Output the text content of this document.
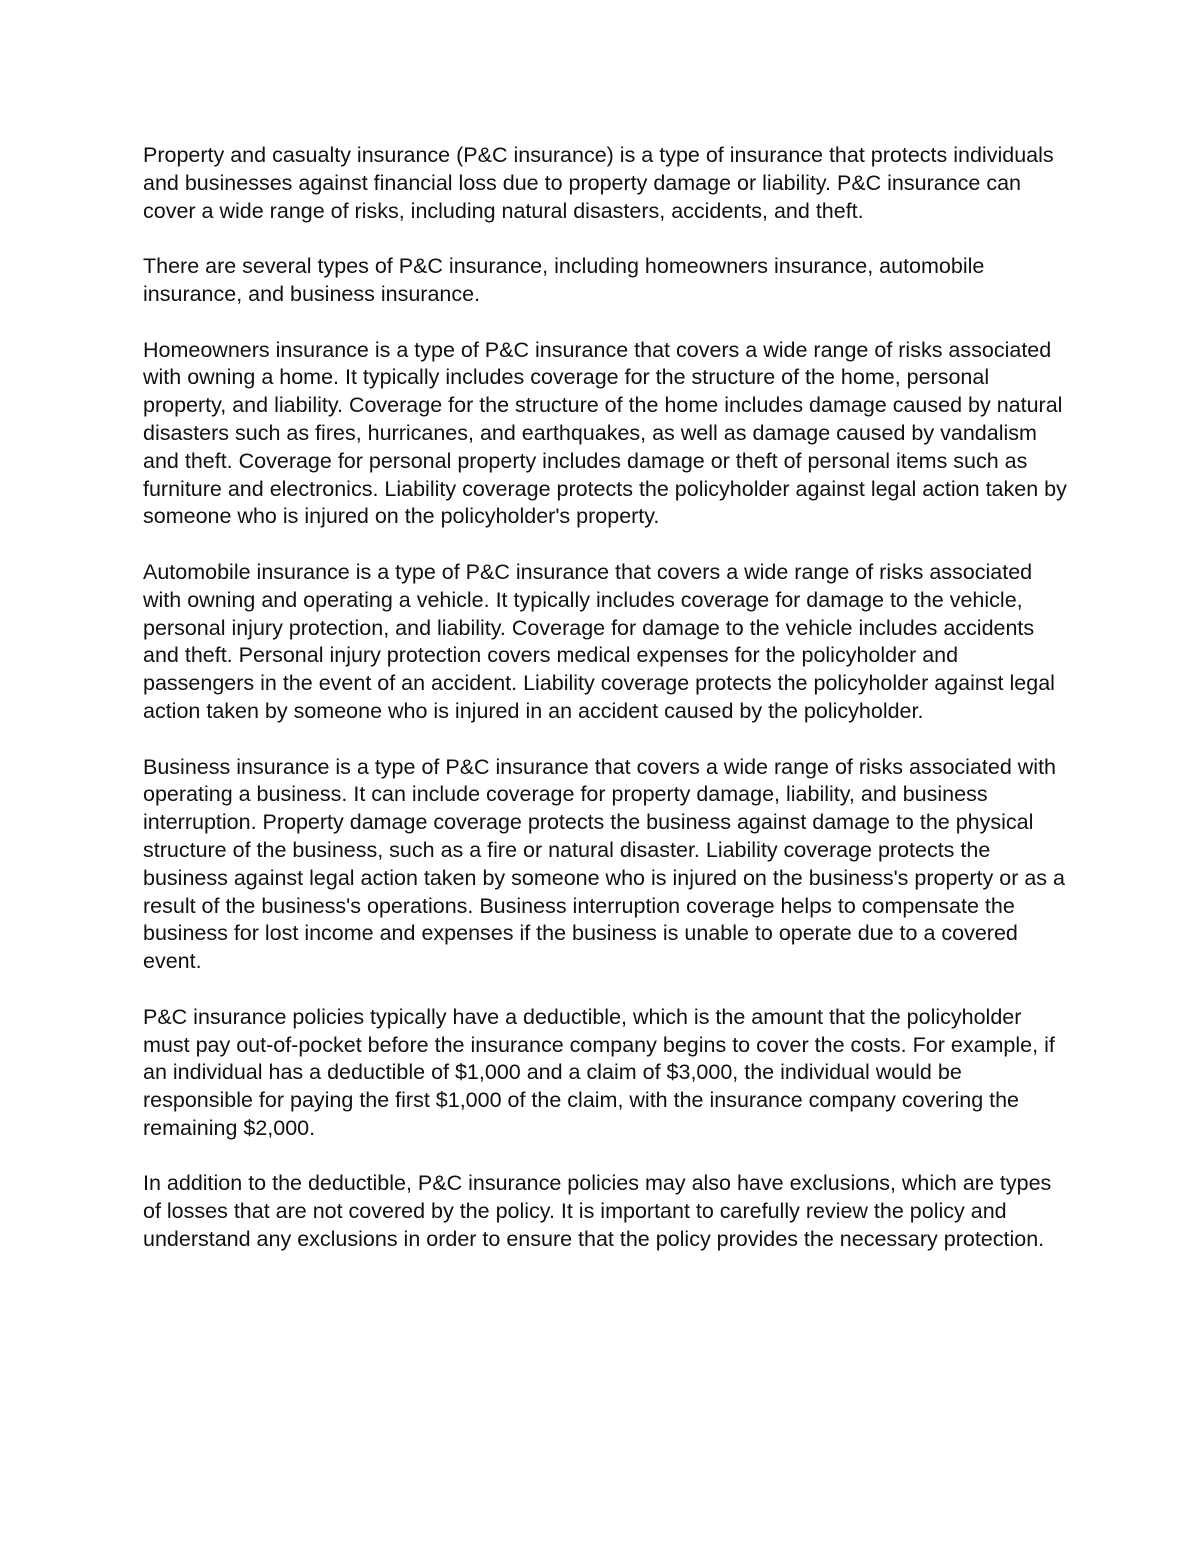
Property and casualty insurance (P&C insurance) is a type of insurance that protects individuals and businesses against financial loss due to property damage or liability. P&C insurance can cover a wide range of risks, including natural disasters, accidents, and theft.

There are several types of P&C insurance, including homeowners insurance, automobile insurance, and business insurance.

Homeowners insurance is a type of P&C insurance that covers a wide range of risks associated with owning a home. It typically includes coverage for the structure of the home, personal property, and liability. Coverage for the structure of the home includes damage caused by natural disasters such as fires, hurricanes, and earthquakes, as well as damage caused by vandalism and theft. Coverage for personal property includes damage or theft of personal items such as furniture and electronics. Liability coverage protects the policyholder against legal action taken by someone who is injured on the policyholder's property.

Automobile insurance is a type of P&C insurance that covers a wide range of risks associated with owning and operating a vehicle. It typically includes coverage for damage to the vehicle, personal injury protection, and liability. Coverage for damage to the vehicle includes accidents and theft. Personal injury protection covers medical expenses for the policyholder and passengers in the event of an accident. Liability coverage protects the policyholder against legal action taken by someone who is injured in an accident caused by the policyholder.

Business insurance is a type of P&C insurance that covers a wide range of risks associated with operating a business. It can include coverage for property damage, liability, and business interruption. Property damage coverage protects the business against damage to the physical structure of the business, such as a fire or natural disaster. Liability coverage protects the business against legal action taken by someone who is injured on the business's property or as a result of the business's operations. Business interruption coverage helps to compensate the business for lost income and expenses if the business is unable to operate due to a covered event.

P&C insurance policies typically have a deductible, which is the amount that the policyholder must pay out-of-pocket before the insurance company begins to cover the costs. For example, if an individual has a deductible of $1,000 and a claim of $3,000, the individual would be responsible for paying the first $1,000 of the claim, with the insurance company covering the remaining $2,000.

In addition to the deductible, P&C insurance policies may also have exclusions, which are types of losses that are not covered by the policy. It is important to carefully review the policy and understand any exclusions in order to ensure that the policy provides the necessary protection.
